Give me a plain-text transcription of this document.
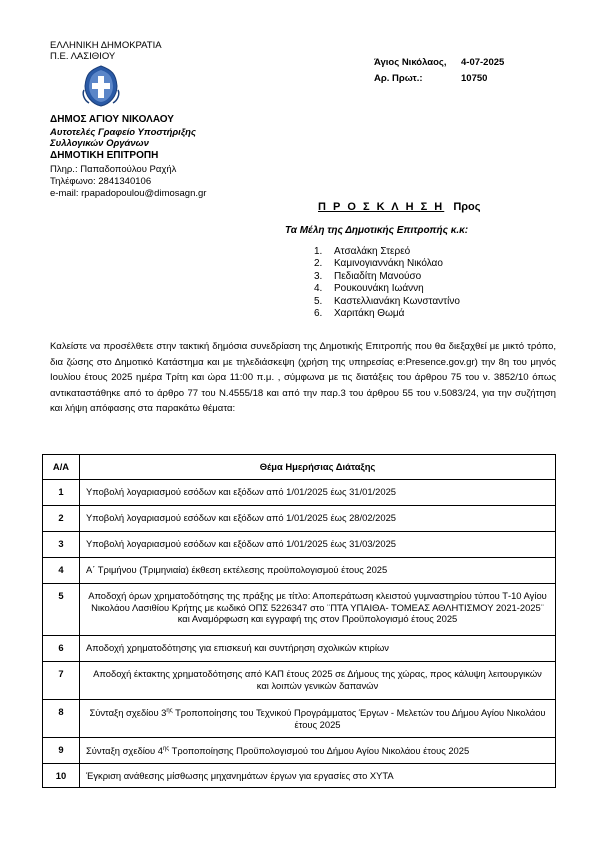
ΕΛΛΗΝΙΚΗ ΔΗΜΟΚΡΑΤΙΑ
Π.Ε. ΛΑΣΙΘΙΟΥ
ΔΗΜΟΣ ΑΓΙΟΥ ΝΙΚΟΛΑΟΥ
Αυτοτελές Γραφείο Υποστήριξης
Συλλογικών Οργάνων
ΔΗΜΟΤΙΚΗ ΕΠΙΤΡΟΠΗ
Πληρ.: Παπαδοπούλου Ραχήλ
Τηλέφωνο: 2841340106
e-mail: rpapadopoulou@dimosagn.gr
Άγιος Νικόλαος, 4-07-2025
Αρ. Πρωτ.:	10750
Π Ρ Ο Σ Κ Λ Η Σ Η Προς
Τα Μέλη της Δημοτικής Επιτροπής κ.κ:
1. Ατσαλάκη Στερεό
2. Καμινογιαννάκη Νικόλαο
3. Πεδιαδίτη Μανούσο
4. Ρουκουνάκη Ιωάννη
5. Καστελλιανάκη Κωνσταντίνο
6. Χαριτάκη Θωμά
Καλείστε να προσέλθετε στην τακτική δημόσια συνεδρίαση της Δημοτικής Επιτροπής που θα διεξαχθεί με μικτό τρόπο, δια ζώσης στο Δημοτικό Κατάστημα και με τηλεδιάσκεψη (χρήση της υπηρεσίας e:Presence.gov.gr) την 8η του μηνός Ιουλίου έτους 2025 ημέρα Τρίτη και ώρα 11:00 π.μ. , σύμφωνα με τις διατάξεις του άρθρου 75 του ν. 3852/10 όπως αντικαταστάθηκε από το άρθρο 77 του Ν.4555/18 και από την παρ.3 του άρθρου 55 του ν.5083/24, για την συζήτηση και λήψη απόφασης στα παρακάτω θέματα:
Α/Α	Θέμα Ημερήσιας Διάταξης
1	Υποβολή λογαριασμού εσόδων και εξόδων από 1/01/2025 έως 31/01/2025
2	Υποβολή λογαριασμού εσόδων και εξόδων από 1/01/2025 έως 28/02/2025
3	Υποβολή λογαριασμού εσόδων και εξόδων από 1/01/2025 έως 31/03/2025
4	Α΄ Τριμήνου (Τριμηνιαία) έκθεση εκτέλεσης προϋπολογισμού έτους 2025
5	Αποδοχή όρων χρηματοδότησης της πράξης με τίτλο: Αποπεράτωση κλειστού γυμναστηρίου τύπου Τ-10 Αγίου Νικολάου Λασιθίου Κρήτης με κωδικό ΟΠΣ 5226347 στο ¨ΠΤΑ ΥΠΑΙΘΑ- ΤΟΜΕΑΣ ΑΘΛΗΤΙΣΜΟΥ 2021-2025¨ και Αναμόρφωση και εγγραφή της στον Προϋπολογισμό έτους 2025
6	Αποδοχή χρηματοδότησης για επισκευή και συντήρηση σχολικών κτιρίων
7	Αποδοχή έκτακτης χρηματοδότησης από ΚΑΠ έτους 2025 σε Δήμους της χώρας, προς κάλυψη λειτουργικών και λοιπών γενικών δαπανών
8	Σύνταξη σχεδίου $3^{\eta\varsigma}$ Τροποποίησης του Τεχνικού Προγράμματος Έργων - Μελετών του Δήμου Αγίου Νικολάου έτους 2025
9	Σύνταξη σχεδίου $4^{\eta\varsigma}$ Τροποποίησης Προϋπολογισμού του Δήμου Αγίου Νικολάου έτους 2025
10	Έγκριση ανάθεσης μίσθωσης μηχανημάτων έργων για εργασίες στο ΧΥΤΑ
